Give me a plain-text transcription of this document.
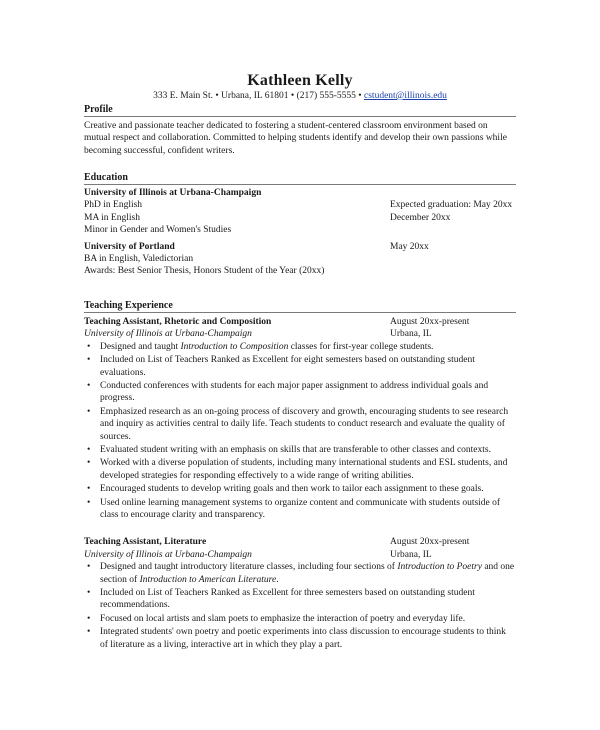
Kathleen Kelly
333 E. Main St. • Urbana, IL 61801 • (217) 555-5555 • cstudent@illinois.edu
Profile
Creative and passionate teacher dedicated to fostering a student-centered classroom environment based on mutual respect and collaboration. Committed to helping students identify and develop their own passions while becoming successful, confident writers.
Education
University of Illinois at Urbana-Champaign
PhD in English	Expected graduation: May 20xx
MA in English	December 20xx
Minor in Gender and Women's Studies
University of Portland	May 20xx
BA in English, Valedictorian
Awards: Best Senior Thesis, Honors Student of the Year (20xx)
Teaching Experience
Teaching Assistant, Rhetoric and Composition	August 20xx-present
University of Illinois at Urbana-Champaign	Urbana, IL
• Designed and taught Introduction to Composition classes for first-year college students.
• Included on List of Teachers Ranked as Excellent for eight semesters based on outstanding student evaluations.
• Conducted conferences with students for each major paper assignment to address individual goals and progress.
• Emphasized research as an on-going process of discovery and growth, encouraging students to see research and inquiry as activities central to daily life. Teach students to conduct research and evaluate the quality of sources.
• Evaluated student writing with an emphasis on skills that are transferable to other classes and contexts.
• Worked with a diverse population of students, including many international students and ESL students, and developed strategies for responding effectively to a wide range of writing abilities.
• Encouraged students to develop writing goals and then work to tailor each assignment to these goals.
• Used online learning management systems to organize content and communicate with students outside of class to encourage clarity and transparency.
Teaching Assistant, Literature	August 20xx-present
University of Illinois at Urbana-Champaign	Urbana, IL
• Designed and taught introductory literature classes, including four sections of Introduction to Poetry and one section of Introduction to American Literature.
• Included on List of Teachers Ranked as Excellent for three semesters based on outstanding student recommendations.
• Focused on local artists and slam poets to emphasize the interaction of poetry and everyday life.
• Integrated students' own poetry and poetic experiments into class discussion to encourage students to think of literature as a living, interactive art in which they play a part.
